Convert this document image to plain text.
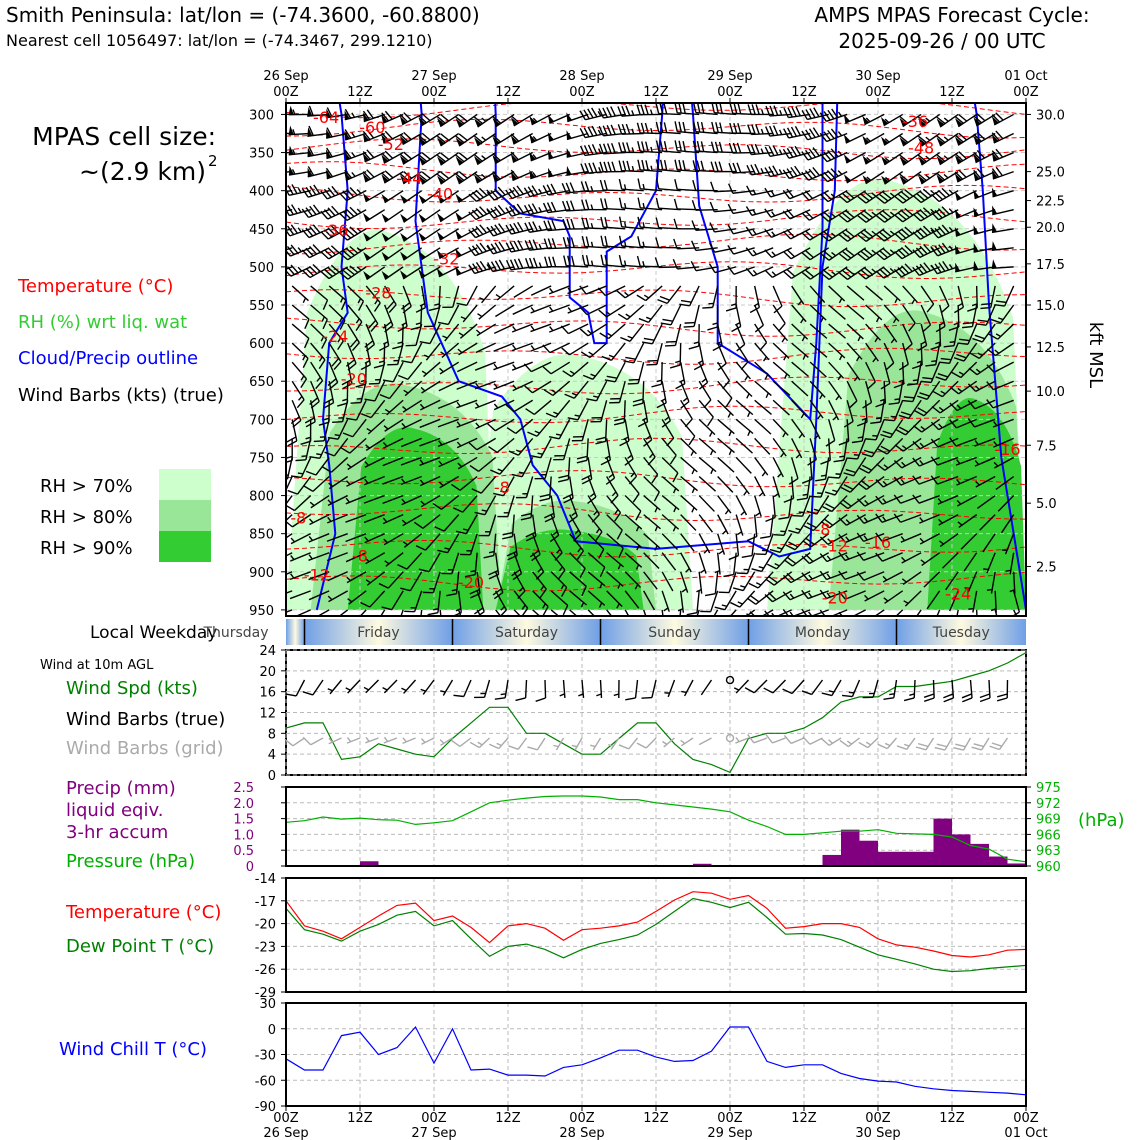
Smith Peninsula: lat/lon = (-74.3600, -60.8800)
Nearest cell 1056497: lat/lon = (-74.3467, 299.1210)
AMPS MPAS Forecast Cycle:
2025-09-26 / 00 UTC
MPAS cell size:
~(2.9 km) 2
Temperature (°C)
RH (%) wrt liq. wat
Cloud/Precip outline
Wind Barbs (kts) (true)
RH > 70%
RH > 80%
RH > 90%
Local Weekday
Wind at 10m AGL
Wind Spd (kts)
Wind Barbs (true)
Wind Barbs (grid)
Precip (mm)
liquid eqiv.
3-hr accum
Pressure (hPa)
Temperature (°C)
Dew Point T (°C)
Wind Chill T (°C)
-64
-60
-52
-44
-40
-36
-32
-28
-24
-20
-16
-8
-8
-8
-8
-12
-12 -16
-20
-20	-24
-36
-48
300
350
400
450
500
550
600
650
700
750
800
850
900
950
30.0
25.0
22.5
20.0
17.5
15.0
12.5
10.0
7.5
5.0
2.5
kft MSL
26 Sep
00Z	12Z
27 Sep
00Z	12Z
28 Sep
00Z	12Z
29 Sep
00Z	12Z
30 Sep
00Z	12Z
01 Oct
00Z
Thursday	Friday	Saturday	Sunday	Monday	Tuesday
0
4
8
12
16
20
24
0
0.5
1.0
1.5
2.0
2.5
960
963
966
969
972
975
(hPa)
-29
-26
-23
-20
-17
-14
-90
-60
-30
0
30
00Z
26 Sep
12Z	00Z
27 Sep
12Z	00Z
28 Sep
12Z	00Z
29 Sep
12Z	00Z
30 Sep
12Z	00Z
01 Oct
